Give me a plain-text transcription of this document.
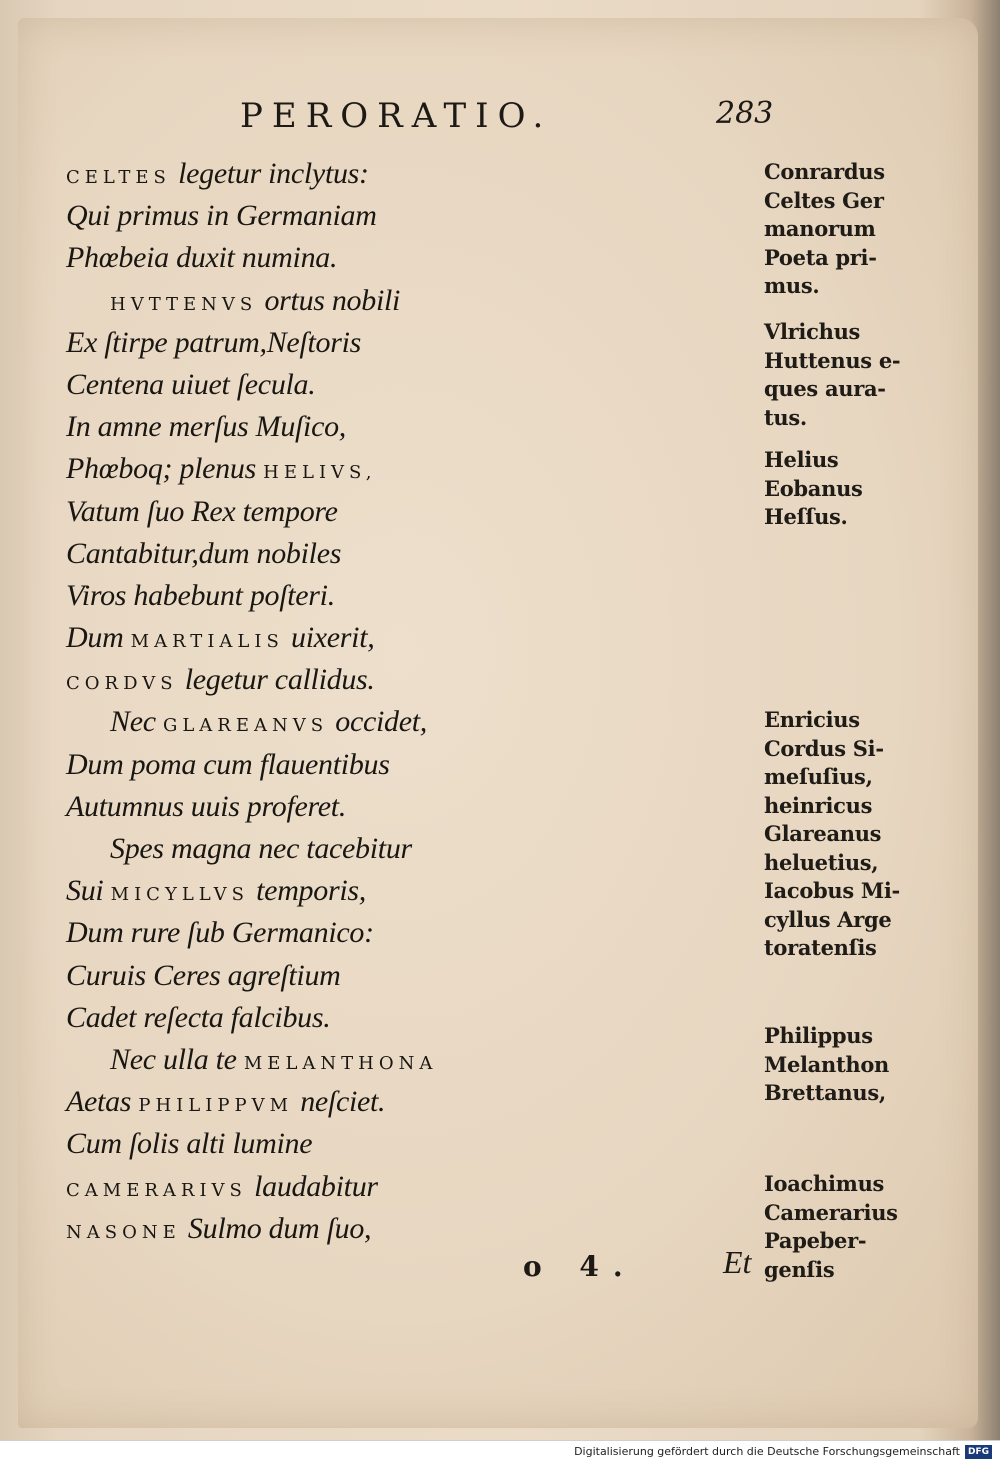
PERORATIO.	283
CELTES legetur inclytus:
Qui primus in Germaniam
Phœbeia duxit numina.
HVTTENVS ortus nobili
Ex ſtirpe patrum,Neſtoris
Centena uiuet ſecula.
In amne merſus Muſico,
Phœboq; plenus HELIVS,
Vatum ſuo Rex tempore
Cantabitur,dum nobiles
Viros habebunt poſteri.
Dum MARTIALIS uixerit,
CORDVS legetur callidus.
Nec GLAREANVS occidet,
Dum poma cum flauentibus
Autumnus uuis proferet.
Spes magna nec tacebitur
Sui MICYLLVS temporis,
Dum rure ſub Germanico:
Curuis Ceres agreſtium
Cadet reſecta falcibus.
Nec ulla te MELANTHONA
Aetas PHILIPPVM neſciet.
Cum ſolis alti lumine
CAMERARIVS laudabitur
NASONE Sulmo dum ſuo,
Conrardus
Celtes Ger
manorum
Poeta pri-
mus.
Vlrichus
Huttenus e-
ques aura-
tus.
Helius
Eobanus
Heſſus.
Enricius
Cordus Si-
meſuſius,
heinricus
Glareanus
heluetius,
Iacobus Mi-
cyllus Arge
toratenſis
Philippus
Melanthon
Brettanus,
Ioachimus
Camerarius
Papeber-
genſis
o 4.	Et
Digitalisierung gefördert durch die Deutsche Forschungsgemeinschaft DFG
